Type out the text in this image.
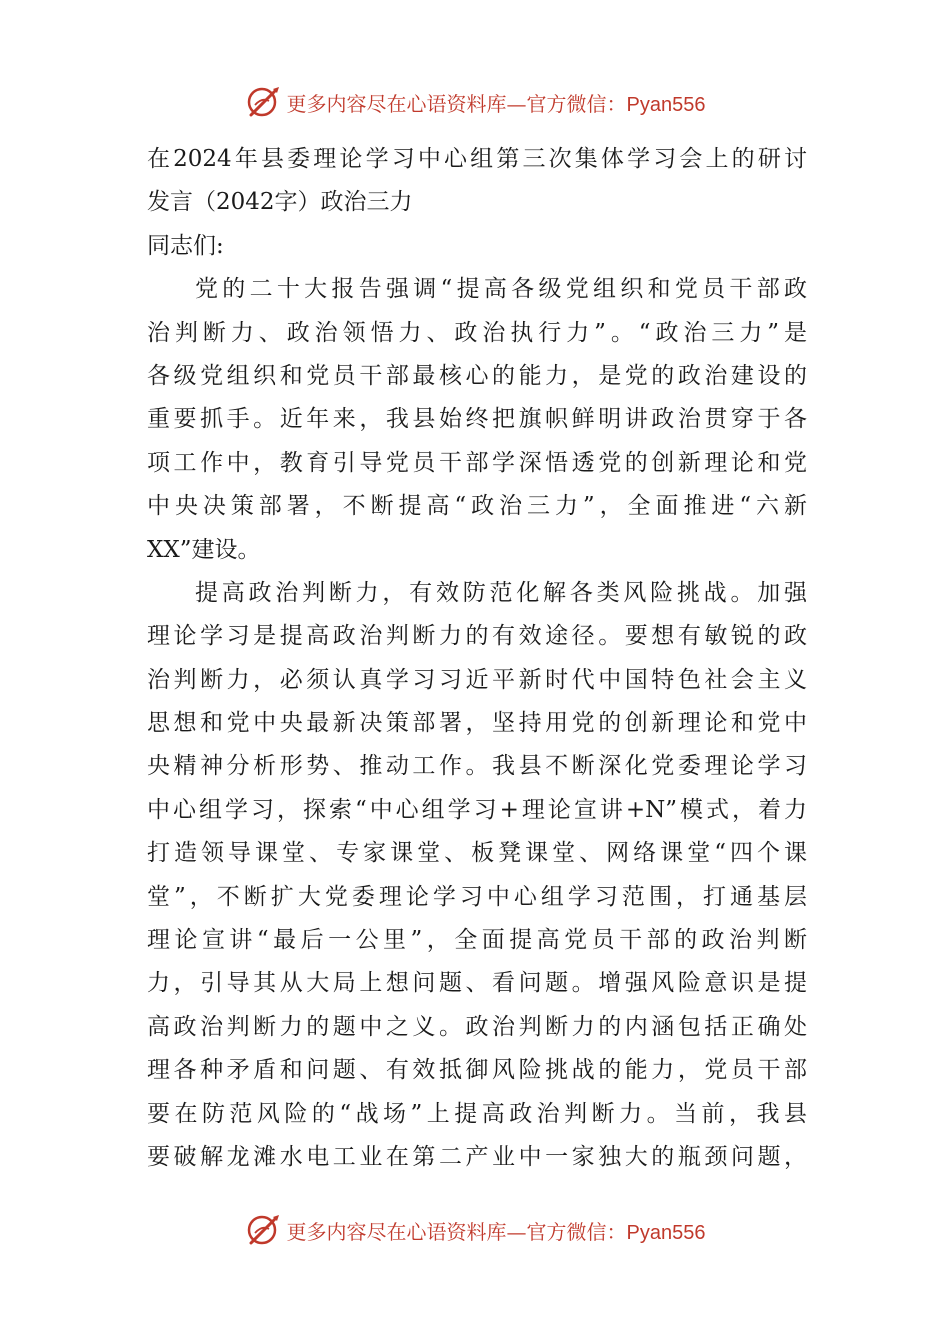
更多内容尽在心语资料库—官方微信：Pyan556
在2024年县委理论学习中心组第三次集体学习会上的研讨
发言（2042字）政治三力
同志们:
党的二十大报告强调“提高各级党组织和党员干部政
治判断力、政治领悟力、政治执行力”。“政治三力”是
各级党组织和党员干部最核心的能力，是党的政治建设的
重要抓手。近年来，我县始终把旗帜鲜明讲政治贯穿于各
项工作中，教育引导党员干部学深悟透党的创新理论和党
中央决策部署，不断提高“政治三力”，全面推进“六新
XX”建设。
提高政治判断力，有效防范化解各类风险挑战。加强
理论学习是提高政治判断力的有效途径。要想有敏锐的政
治判断力，必须认真学习习近平新时代中国特色社会主义
思想和党中央最新决策部署，坚持用党的创新理论和党中
央精神分析形势、推动工作。我县不断深化党委理论学习
中心组学习，探索“中心组学习+理论宣讲+N”模式，着力
打造领导课堂、专家课堂、板凳课堂、网络课堂“四个课
堂”，不断扩大党委理论学习中心组学习范围，打通基层
理论宣讲“最后一公里”，全面提高党员干部的政治判断
力，引导其从大局上想问题、看问题。增强风险意识是提
高政治判断力的题中之义。政治判断力的内涵包括正确处
理各种矛盾和问题、有效抵御风险挑战的能力，党员干部
要在防范风险的“战场”上提高政治判断力。当前，我县
要破解龙滩水电工业在第二产业中一家独大的瓶颈问题，
更多内容尽在心语资料库—官方微信：Pyan556
